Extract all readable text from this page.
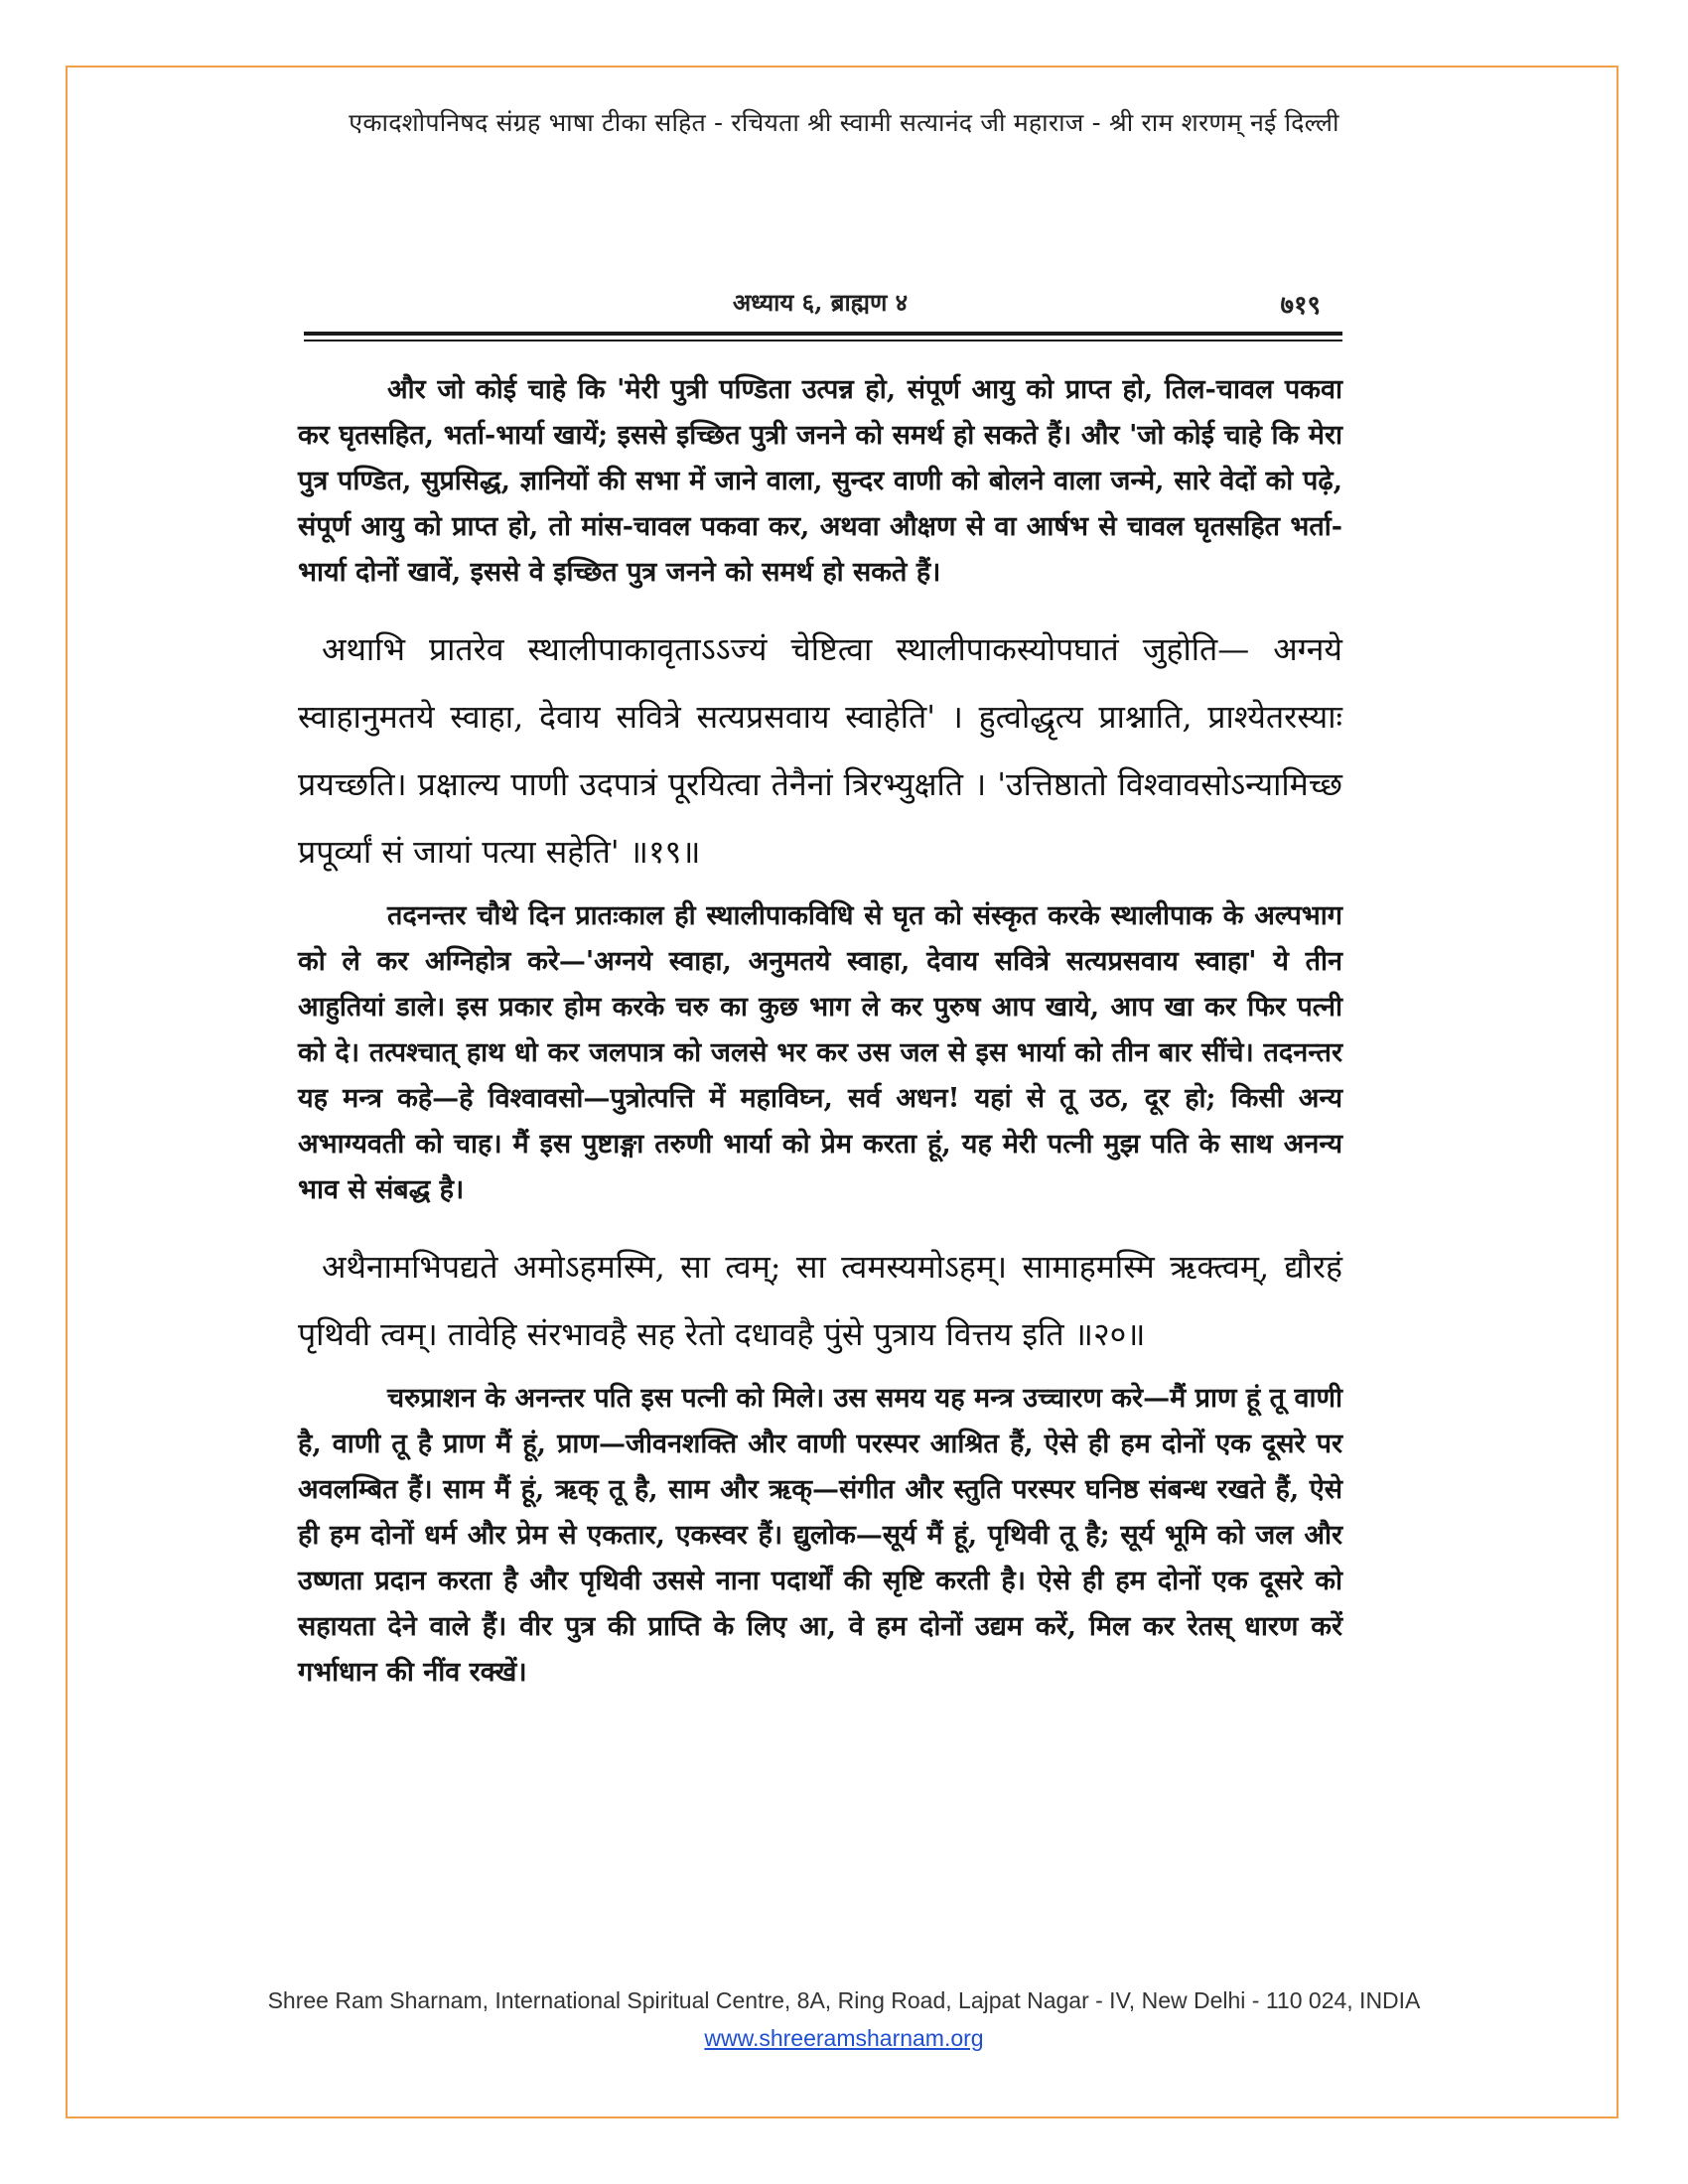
एकादशोपनिषद संग्रह भाषा टीका सहित - रचियता श्री स्वामी सत्यानंद जी महाराज - श्री राम शरणम् नई दिल्ली
अध्याय ६, ब्राह्मण ४	७१९

और जो कोई चाहे कि 'मेरी पुत्री पण्डिता उत्पन्न हो, संपूर्ण आयु को प्राप्त हो, तिल-चावल पकवा कर घृतसहित, भर्ता-भार्या खायें; इससे इच्छित पुत्री जनने को समर्थ हो सकते हैं। और 'जो कोई चाहे कि मेरा पुत्र पण्डित, सुप्रसिद्ध, ज्ञानियों की सभा में जाने वाला, सुन्दर वाणी को बोलने वाला जन्मे, सारे वेदों को पढ़े, संपूर्ण आयु को प्राप्त हो, तो मांस-चावल पकवा कर, अथवा औक्षण से वा आर्षभ से चावल घृतसहित भर्ता-भार्या दोनों खावें, इससे वे इच्छित पुत्र जनने को समर्थ हो सकते हैं।

अथाभि प्रातरेव स्थालीपाकावृताऽऽज्यं चेष्टित्वा स्थालीपाकस्योपघातं जुहोति— अग्नये स्वाहानुमतये स्वाहा, देवाय सवित्रे सत्यप्रसवाय स्वाहेति' । हुत्वोद्धृत्य प्राश्नाति, प्राश्येतरस्याः प्रयच्छति। प्रक्षाल्य पाणी उदपात्रं पूरयित्वा तेनैनां त्रिरभ्युक्षति । 'उत्तिष्ठातो विश्वावसोऽन्यामिच्छ प्रपूर्व्यां सं जायां पत्या सहेति' ॥१९॥

तदनन्तर चौथे दिन प्रातःकाल ही स्थालीपाकविधि से घृत को संस्कृत करके स्थालीपाक के अल्पभाग को ले कर अग्निहोत्र करे—'अग्नये स्वाहा, अनुमतये स्वाहा, देवाय सवित्रे सत्यप्रसवाय स्वाहा' ये तीन आहुतियां डाले। इस प्रकार होम करके चरु का कुछ भाग ले कर पुरुष आप खाये, आप खा कर फिर पत्नी को दे। तत्पश्चात् हाथ धो कर जलपात्र को जलसे भर कर उस जल से इस भार्या को तीन बार सींचे। तदनन्तर यह मन्त्र कहे—हे विश्वावसो—पुत्रोत्पत्ति में महाविघ्न, सर्व अधन! यहां से तू उठ, दूर हो; किसी अन्य अभाग्यवती को चाह। मैं इस पुष्टाङ्गा तरुणी भार्या को प्रेम करता हूं, यह मेरी पत्नी मुझ पति के साथ अनन्य भाव से संबद्ध है।

अथैनामभिपद्यते अमोऽहमस्मि, सा त्वम्; सा त्वमस्यमोऽहम्। सामाहमस्मि ऋक्त्वम्, द्यौरहं पृथिवी त्वम्। तावेहि संरभावहै सह रेतो दधावहै पुंसे पुत्राय वित्तय इति ॥२०॥

चरुप्राशन के अनन्तर पति इस पत्नी को मिले। उस समय यह मन्त्र उच्चारण करे—मैं प्राण हूं तू वाणी है, वाणी तू है प्राण मैं हूं, प्राण—जीवनशक्ति और वाणी परस्पर आश्रित हैं, ऐसे ही हम दोनों एक दूसरे पर अवलम्बित हैं। साम मैं हूं, ऋक् तू है, साम और ऋक्—संगीत और स्तुति परस्पर घनिष्ठ संबन्ध रखते हैं, ऐसे ही हम दोनों धर्म और प्रेम से एकतार, एकस्वर हैं। द्युलोक—सूर्य मैं हूं, पृथिवी तू है; सूर्य भूमि को जल और उष्णता प्रदान करता है और पृथिवी उससे नाना पदार्थों की सृष्टि करती है। ऐसे ही हम दोनों एक दूसरे को सहायता देने वाले हैं। वीर पुत्र की प्राप्ति के लिए आ, वे हम दोनों उद्यम करें, मिल कर रेतस् धारण करें गर्भाधान की नींव रक्खें।

Shree Ram Sharnam, International Spiritual Centre, 8A, Ring Road, Lajpat Nagar - IV, New Delhi - 110 024, INDIA
www.shreeramsharnam.org
